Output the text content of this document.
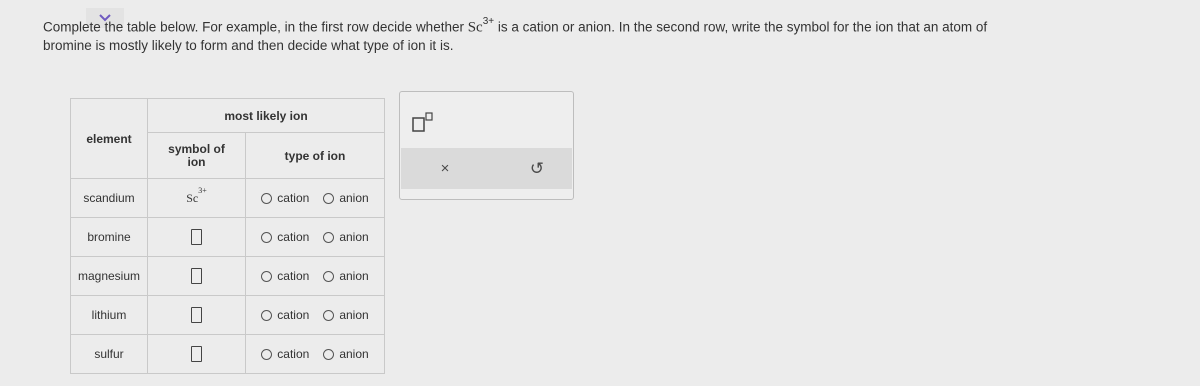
Complete the table below. For example, in the first row decide whether $Sc^{3+}$ is a cation or anion. In the second row, write the symbol for the ion that an atom of
bromine is mostly likely to form and then decide what type of ion it is.
element	most likely ion	
	symbol of ion	type of ion
scandium	$Sc^{3+}$	cation anion

bromine		cation anion

magnesium		cation anion

lithium		cation anion

sulfur		cation anion
×	↺
